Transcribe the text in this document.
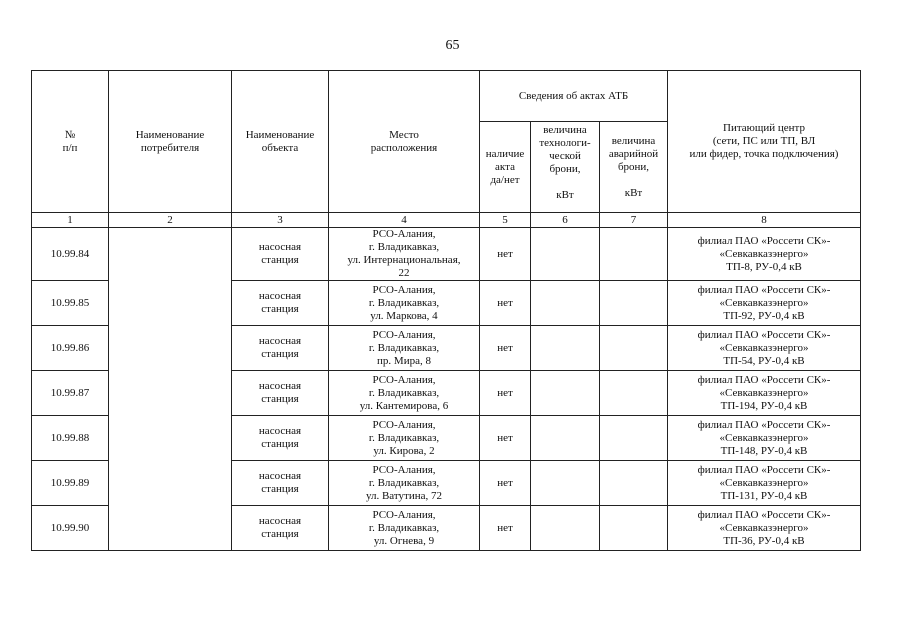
65
№
п/п	Наименование
потребителя	Наименование
объекта	Место
расположения	Сведения об актах АТБ			Питающий центр
(сети, ПС или ТП, ВЛ
или фидер, точка подключения)
				наличие
акта
да/нет	величина
технологи-
ческой
брони,

кВт	величина
аварийной
брони,

кВт	
1	2	3	4	5	6	7	8
10.99.84		насосная
станция	РСО-Алания,
г. Владикавказ,
ул. Интернациональная,
22	нет			филиал ПАО «Россети СК»-
«Севкавказэнерго»
ТП-8, РУ-0,4 кВ
10.99.85		насосная
станция	РСО-Алания,
г. Владикавказ,
ул. Маркова, 4	нет			филиал ПАО «Россети СК»-
«Севкавказэнерго»
ТП-92, РУ-0,4 кВ
10.99.86		насосная
станция	РСО-Алания,
г. Владикавказ,
пр. Мира, 8	нет			филиал ПАО «Россети СК»-
«Севкавказэнерго»
ТП-54, РУ-0,4 кВ
10.99.87		насосная
станция	РСО-Алания,
г. Владикавказ,
ул. Кантемирова, 6	нет			филиал ПАО «Россети СК»-
«Севкавказэнерго»
ТП-194, РУ-0,4 кВ
10.99.88		насосная
станция	РСО-Алания,
г. Владикавказ,
ул. Кирова, 2	нет			филиал ПАО «Россети СК»-
«Севкавказэнерго»
ТП-148, РУ-0,4 кВ
10.99.89		насосная
станция	РСО-Алания,
г. Владикавказ,
ул. Ватутина, 72	нет			филиал ПАО «Россети СК»-
«Севкавказэнерго»
ТП-131, РУ-0,4 кВ
10.99.90		насосная
станция	РСО-Алания,
г. Владикавказ,
ул. Огнева, 9	нет			филиал ПАО «Россети СК»-
«Севкавказэнерго»
ТП-36, РУ-0,4 кВ
